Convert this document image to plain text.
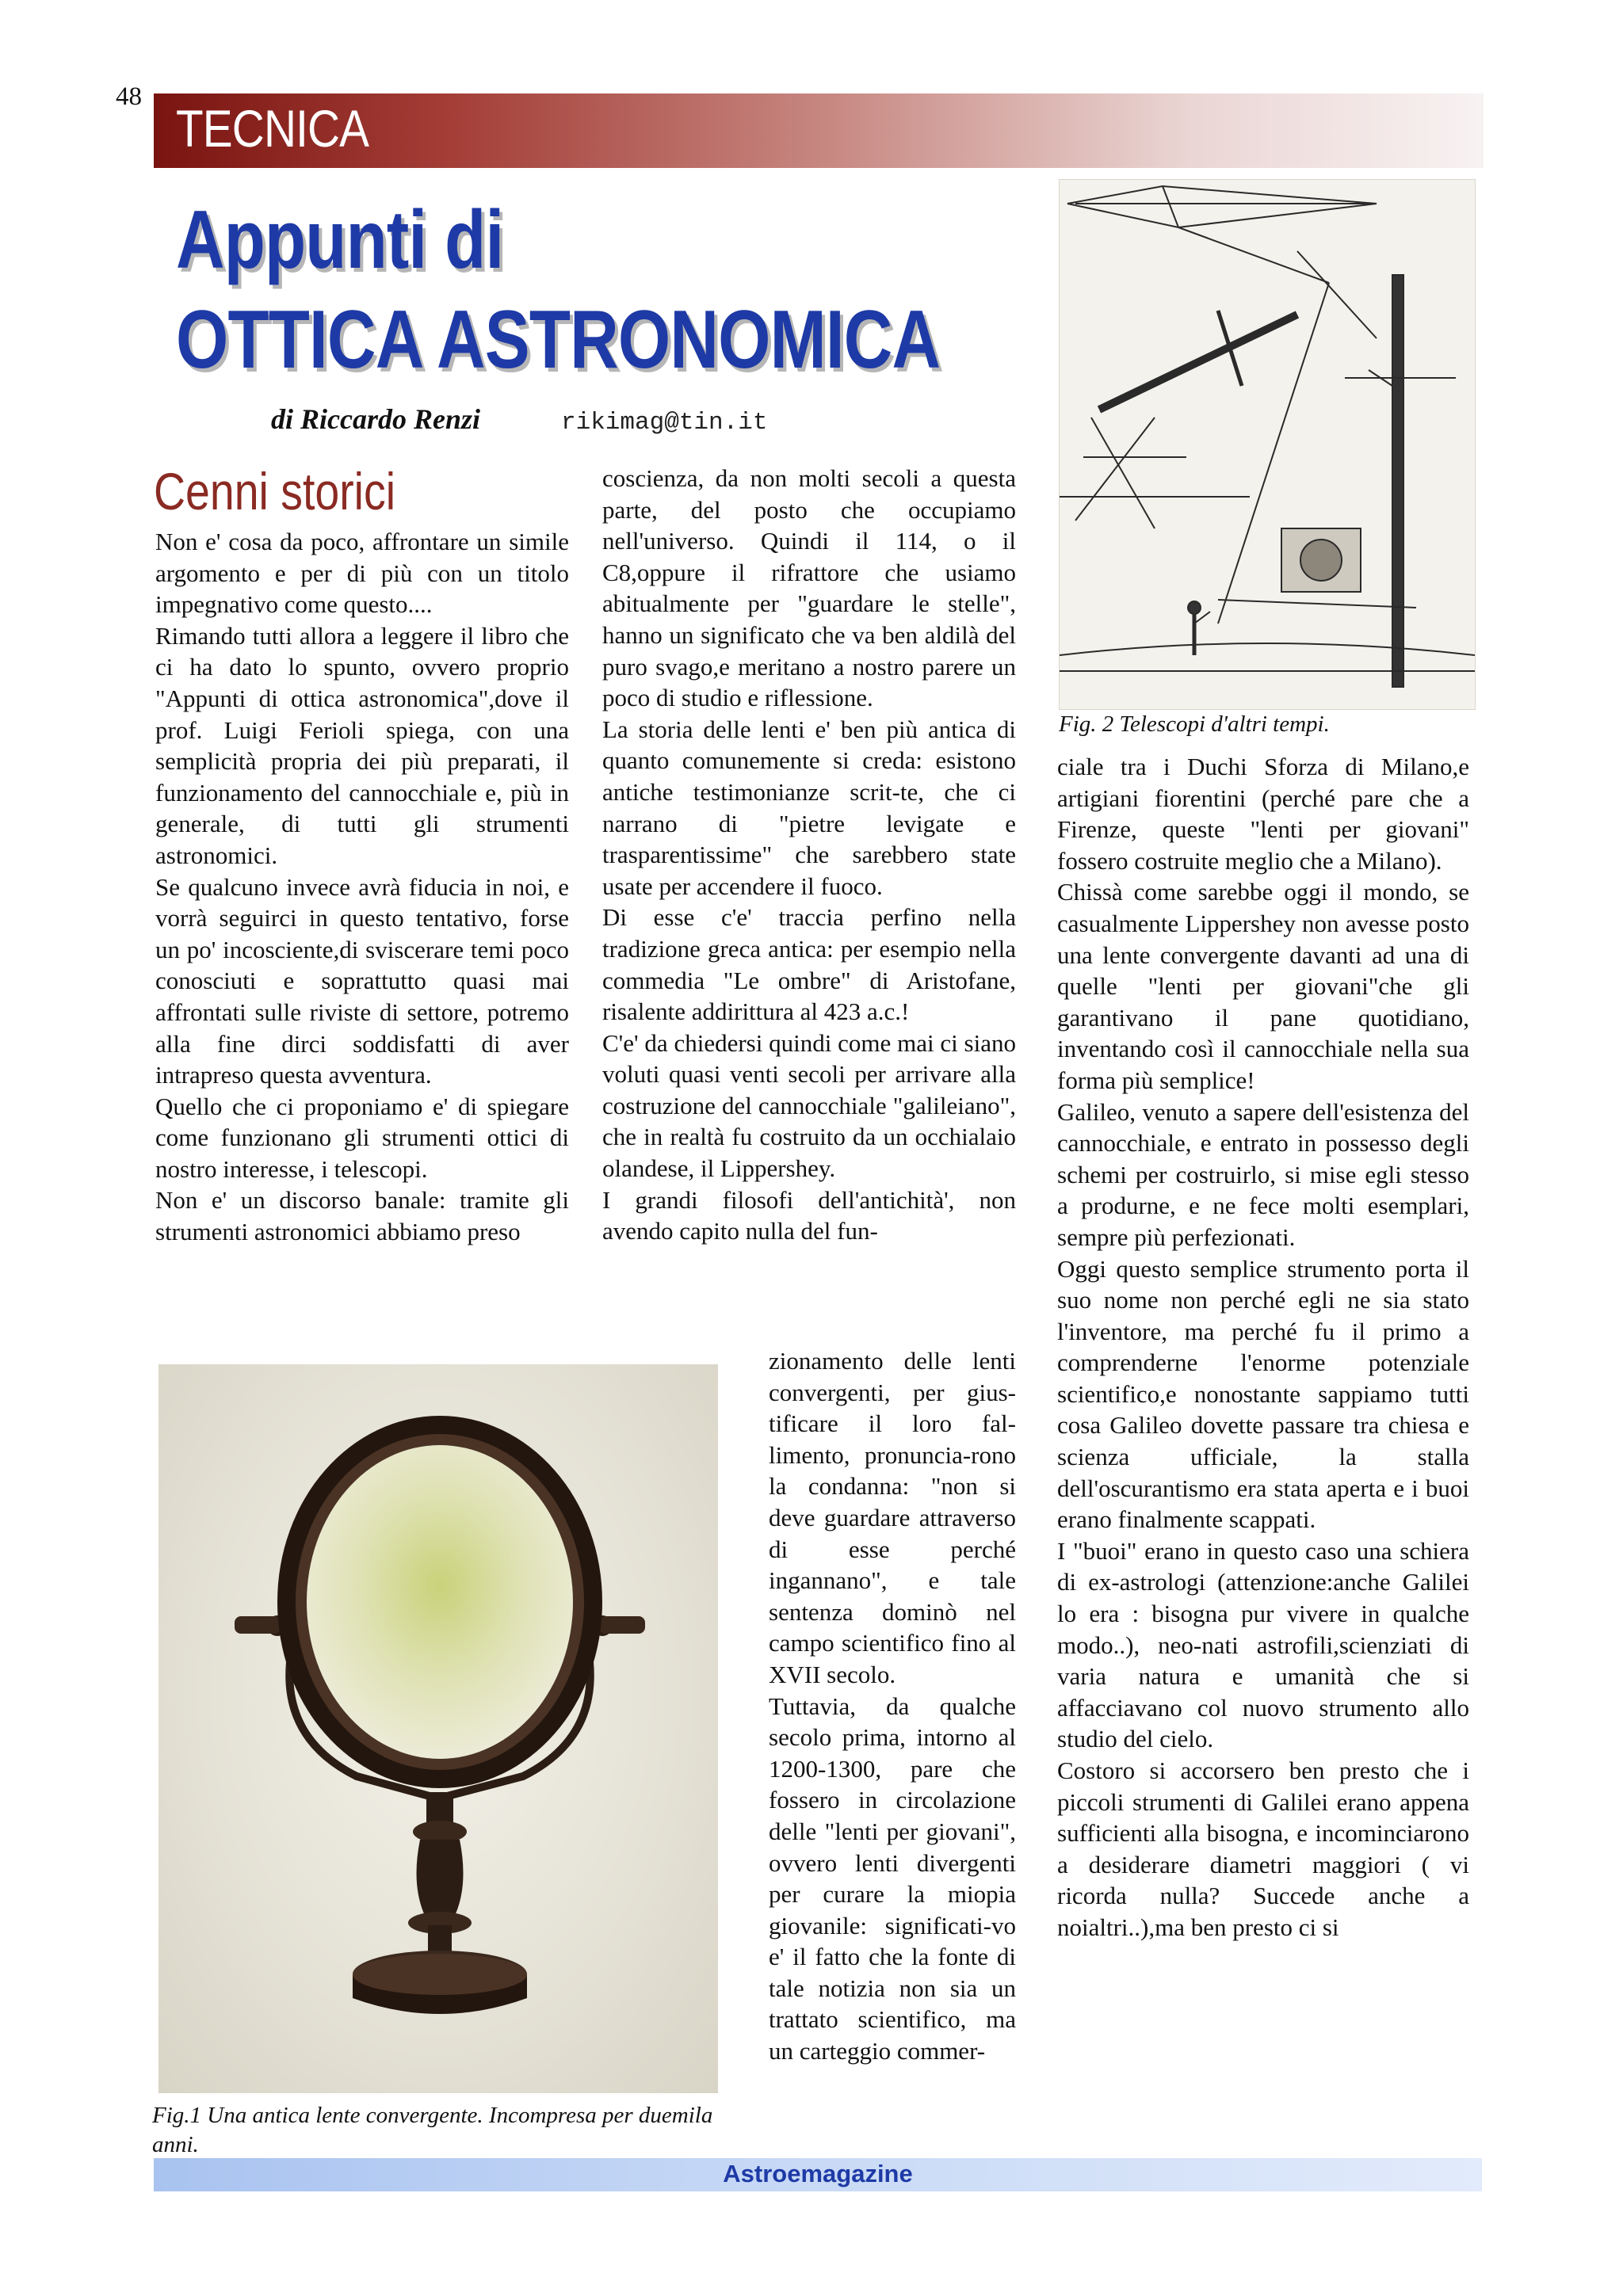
48
TECNICA
Appunti di
OTTICA ASTRONOMICA
di Riccardo Renzi	rikimag@tin.it
Cenni storici

Non e' cosa da poco, affrontare un simile argomento e per di più con un titolo impegnativo come questo....

Rimando tutti allora a leggere il libro che ci ha dato lo spunto, ovvero proprio "Appunti di ottica astronomica",dove il prof. Luigi Ferioli spiega, con una semplicità propria dei più preparati, il funzionamento del cannocchiale e, più in generale, di tutti gli strumenti astronomici.

Se qualcuno invece avrà fiducia in noi, e vorrà seguirci in questo tentativo, forse un po' incosciente,di sviscerare temi poco conosciuti e soprattutto quasi mai affrontati sulle riviste di settore, potremo alla fine dirci soddisfatti di aver intrapreso questa avventura.

Quello che ci proponiamo e' di spiegare come funzionano gli strumenti ottici di nostro interesse, i telescopi.

Non e' un discorso banale: tramite gli strumenti astronomici abbiamo preso

coscienza, da non molti secoli a questa parte, del posto che occupiamo nell'universo. Quindi il 114, o il C8,oppure il rifrattore che usiamo abitualmente per "guardare le stelle", hanno un significato che va ben aldilà del puro svago,e meritano a nostro parere un poco di studio e riflessione.

La storia delle lenti e' ben più antica di quanto comunemente si creda: esistono antiche testimonianze scrit-te, che ci narrano di "pietre levigate e trasparentissime" che sarebbero state usate per accendere il fuoco.

Di esse c'e' traccia perfino nella tradizione greca antica: per esempio nella commedia "Le ombre" di Aristofane, risalente addirittura al 423 a.c.!

C'e' da chiedersi quindi come mai ci siano voluti quasi venti secoli per arrivare alla costruzione del cannocchiale "galileiano", che in realtà fu costruito da un occhialaio olandese, il Lippershey.

I grandi filosofi dell'antichità', non avendo capito nulla del fun-

zionamento delle lenti convergenti, per gius-tificare il loro fal-limento, pronuncia-rono la condanna: "non si deve guardare attraverso di esse perché ingannano", e tale sentenza dominò nel campo scientifico fino al XVII secolo.

Tuttavia, da qualche secolo prima, intorno al 1200-1300, pare che fossero in circolazione delle "lenti per giovani", ovvero lenti divergenti per curare la miopia giovanile: significati-vo e' il fatto che la fonte di tale notizia non sia un trattato scientifico, ma un carteggio commer-

ciale tra i Duchi Sforza di Milano,e artigiani fiorentini (perché pare che a Firenze, queste "lenti per giovani" fossero costruite meglio che a Milano).

Chissà come sarebbe oggi il mondo, se casualmente Lippershey non avesse posto una lente convergente davanti ad una di quelle "lenti per giovani"che gli garantivano il pane quotidiano, inventando così il cannocchiale nella sua forma più semplice!

Galileo, venuto a sapere dell'esistenza del cannocchiale, e entrato in possesso degli schemi per costruirlo, si mise egli stesso a produrne, e ne fece molti esemplari, sempre più perfezionati.

Oggi questo semplice strumento porta il suo nome non perché egli ne sia stato l'inventore, ma perché fu il primo a comprenderne l'enorme potenziale scientifico,e nonostante sappiamo tutti cosa Galileo dovette passare tra chiesa e scienza ufficiale, la stalla dell'oscurantismo era stata aperta e i buoi erano finalmente scappati.

I "buoi" erano in questo caso una schiera di ex-astrologi (attenzione:anche Galilei lo era : bisogna pur vivere in qualche modo..), neo-nati astrofili,scienziati di varia natura e umanità che si affacciavano col nuovo strumento allo studio del cielo.

Costoro si accorsero ben presto che i piccoli strumenti di Galilei erano appena sufficienti alla bisogna, e incominciarono a desiderare diametri maggiori ( vi ricorda nulla? Succede anche a noialtri..),ma ben presto ci si

Fig.1 Una antica lente convergente. Incompresa per duemila anni.
Fig. 2 Telescopi d'altri tempi.
Astroemagazine
